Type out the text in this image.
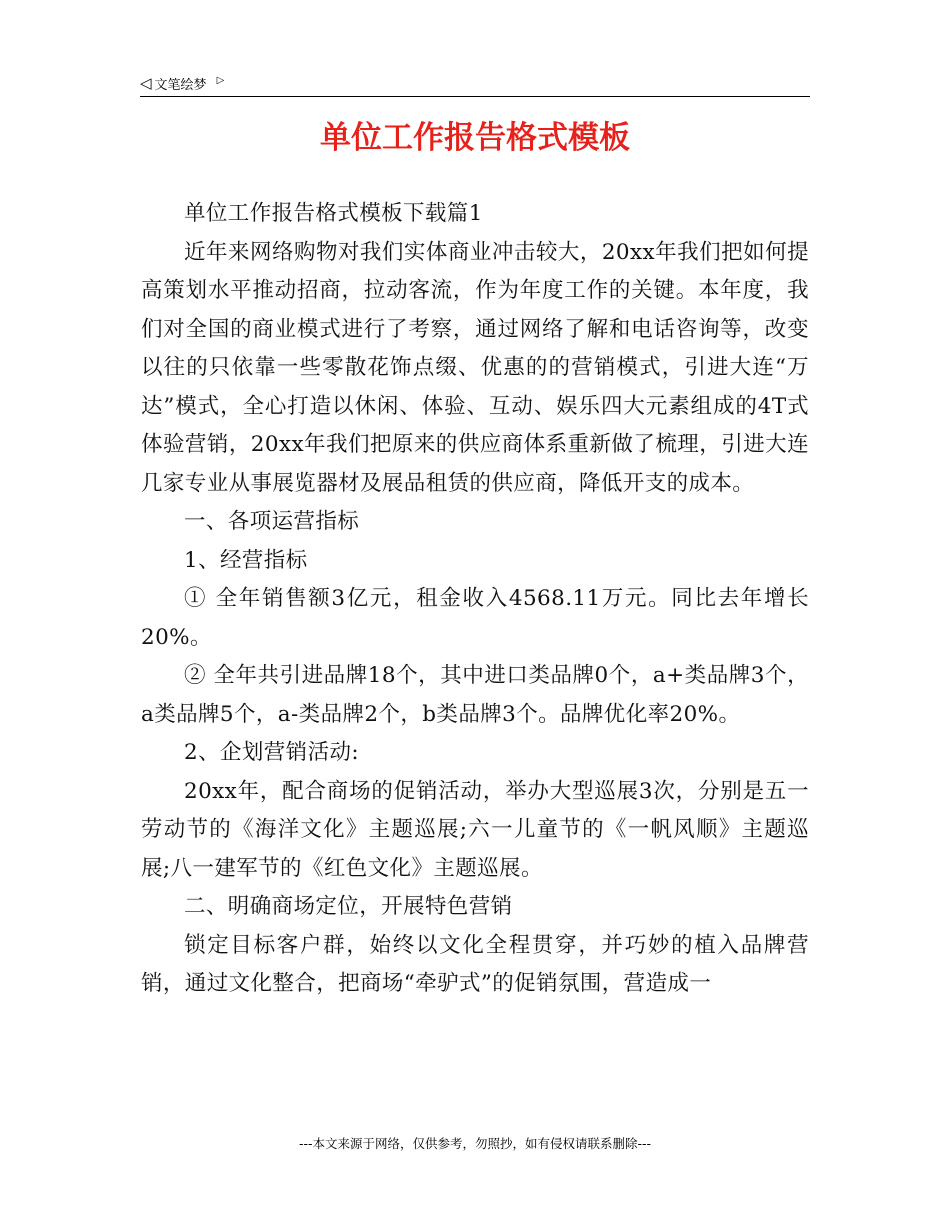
◁ 文笔绘梦 ▷
单位工作报告格式模板

单位工作报告格式模板下载篇1

近年来网络购物对我们实体商业冲击较大，20xx年我们把如何提高策划水平推动招商，拉动客流，作为年度工作的关键。本年度，我们对全国的商业模式进行了考察，通过网络了解和电话咨询等，改变以往的只依靠一些零散花饰点缀、优惠的的营销模式，引进大连“万达”模式，全心打造以休闲、体验、互动、娱乐四大元素组成的4T式体验营销，20xx年我们把原来的供应商体系重新做了梳理，引进大连几家专业从事展览器材及展品租赁的供应商，降低开支的成本。

一、各项运营指标

1、经营指标

① 全年销售额3亿元，租金收入4568.11万元。同比去年增长20%。

② 全年共引进品牌18个，其中进口类品牌0个，a+类品牌3个，a类品牌5个，a-类品牌2个，b类品牌3个。品牌优化率20%。

2、企划营销活动:

20xx年，配合商场的促销活动，举办大型巡展3次，分别是五一劳动节的《海洋文化》主题巡展;六一儿童节的《一帆风顺》主题巡展;八一建军节的《红色文化》主题巡展。

二、明确商场定位，开展特色营销

锁定目标客户群，始终以文化全程贯穿，并巧妙的植入品牌营销，通过文化整合，把商场“牵驴式”的促销氛围，营造成一

---本文来源于网络，仅供参考，勿照抄，如有侵权请联系删除---
